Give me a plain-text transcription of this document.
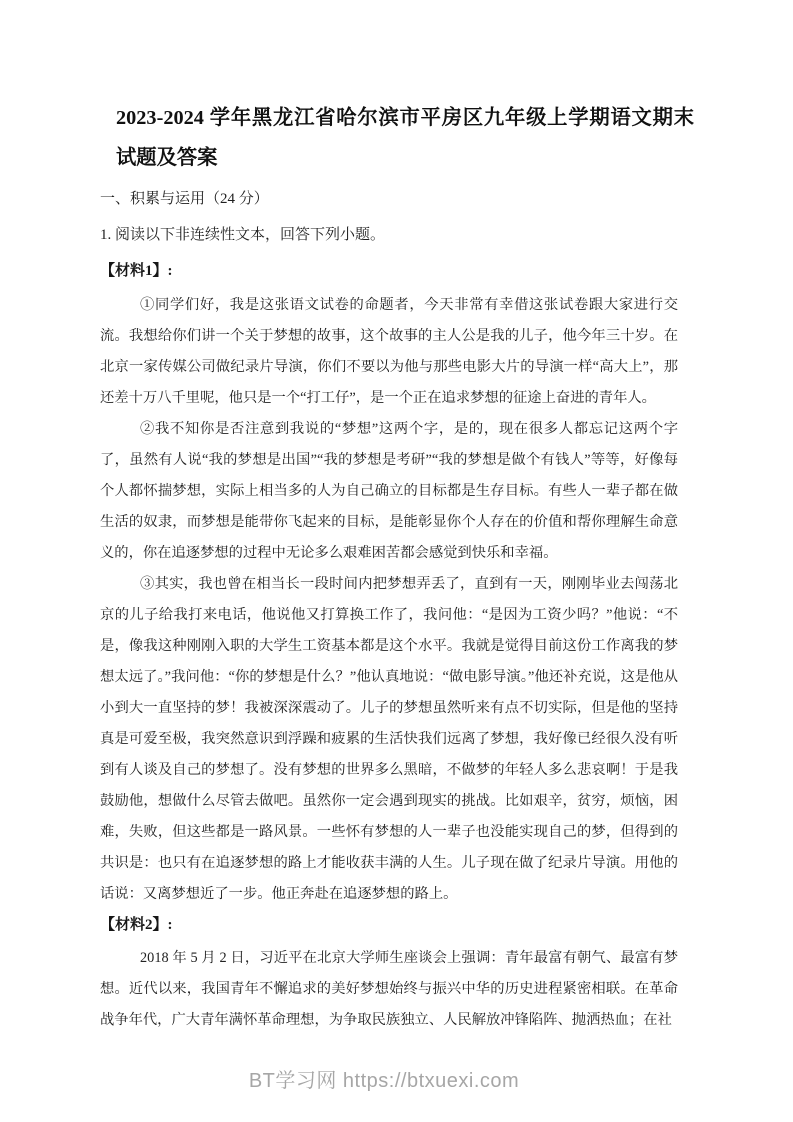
2023-2024 学年黑龙江省哈尔滨市平房区九年级上学期语文期末试题及答案
一、积累与运用（24 分）
1. 阅读以下非连续性文本，回答下列小题。
【材料1】:

①同学们好，我是这张语文试卷的命题者，今天非常有幸借这张试卷跟大家进行交流。我想给你们讲一个关于梦想的故事，这个故事的主人公是我的儿子，他今年三十岁。在北京一家传媒公司做纪录片导演，你们不要以为他与那些电影大片的导演一样“高大上”，那还差十万八千里呢，他只是一个“打工仔”，是一个正在追求梦想的征途上奋进的青年人。

②我不知你是否注意到我说的“梦想”这两个字，是的，现在很多人都忘记这两个字了，虽然有人说“我的梦想是出国”“我的梦想是考研”“我的梦想是做个有钱人”等等，好像每个人都怀揣梦想，实际上相当多的人为自己确立的目标都是生存目标。有些人一辈子都在做生活的奴隶，而梦想是能带你飞起来的目标，是能彰显你个人存在的价值和帮你理解生命意义的，你在追逐梦想的过程中无论多么艰难困苦都会感觉到快乐和幸福。

③其实，我也曾在相当长一段时间内把梦想弄丢了，直到有一天，刚刚毕业去闯荡北京的儿子给我打来电话，他说他又打算换工作了，我问他：“是因为工资少吗？”他说：“不是，像我这种刚刚入职的大学生工资基本都是这个水平。我就是觉得目前这份工作离我的梦想太远了。”我问他：“你的梦想是什么？”他认真地说：“做电影导演。”他还补充说，这是他从小到大一直坚持的梦！我被深深震动了。儿子的梦想虽然听来有点不切实际，但是他的坚持真是可爱至极，我突然意识到浮躁和疲累的生活快我们远离了梦想，我好像已经很久没有听到有人谈及自己的梦想了。没有梦想的世界多么黑暗，不做梦的年轻人多么悲哀啊！于是我鼓励他，想做什么尽管去做吧。虽然你一定会遇到现实的挑战。比如艰辛，贫穷，烦恼，困难，失败，但这些都是一路风景。一些怀有梦想的人一辈子也没能实现自己的梦，但得到的共识是：也只有在追逐梦想的路上才能收获丰满的人生。儿子现在做了纪录片导演。用他的话说：又离梦想近了一步。他正奔赴在追逐梦想的路上。

【材料2】:

2018 年 5 月 2 日，习近平在北京大学师生座谈会上强调：青年最富有朝气、最富有梦想。近代以来，我国青年不懈追求的美好梦想始终与振兴中华的历史进程紧密相联。在革命战争年代，广大青年满怀革命理想，为争取民族独立、人民解放冲锋陷阵、抛洒热血；在社

BT学习网 https://btxuexi.com
